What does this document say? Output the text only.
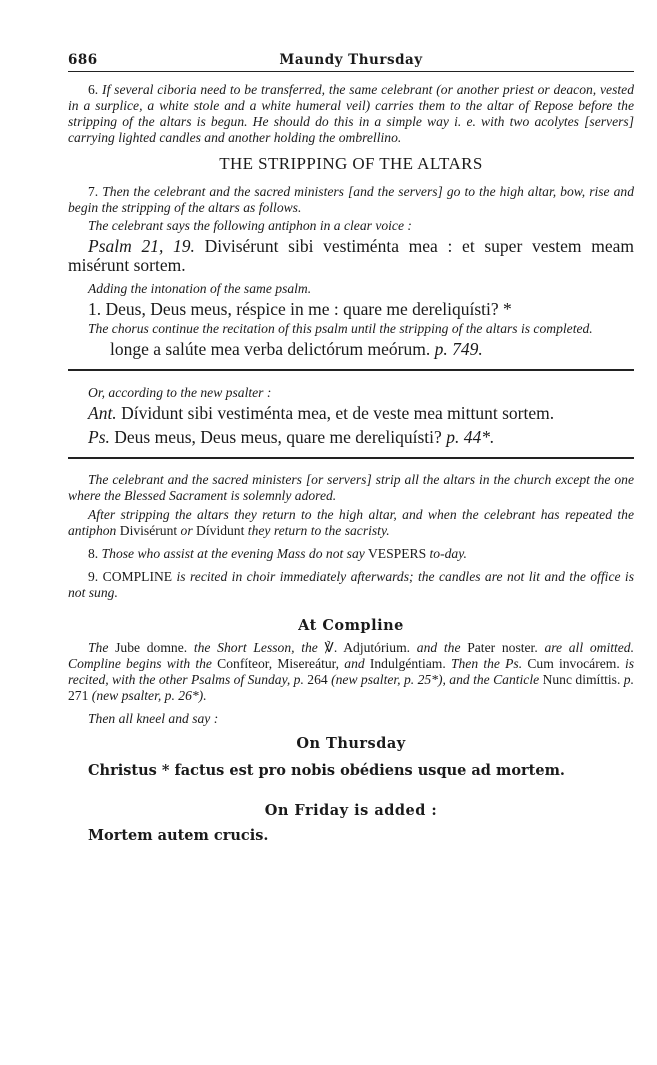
686	Maundy Thursday

6. If several ciboria need to be transferred, the same celebrant (or another priest or deacon, vested in a surplice, a white stole and a white humeral veil) carries them to the altar of Repose before the stripping of the altars is begun. He should do this in a simple way i. e. with two acolytes [servers] carrying lighted candles and another holding the ombrellino.

THE STRIPPING OF THE ALTARS

7. Then the celebrant and the sacred ministers [and the servers] go to the high altar, bow, rise and begin the stripping of the altars as follows.

The celebrant says the following antiphon in a clear voice :

Psalm 21, 19. Divisérunt sibi vestiménta mea : et super vestem meam misérunt sortem.

Adding the intonation of the same psalm.

1. Deus, Deus meus, réspice in me : quare me dereliquísti? *

The chorus continue the recitation of this psalm until the stripping of the altars is completed.

longe a salúte mea verba delictórum meórum. p. 749.

Or, according to the new psalter :

Ant. Dívidunt sibi vestiménta mea, et de veste mea mittunt sortem.

Ps. Deus meus, Deus meus, quare me dereliquísti? p. 44*.

The celebrant and the sacred ministers [or servers] strip all the altars in the church except the one where the Blessed Sacrament is solemnly adored.

After stripping the altars they return to the high altar, and when the celebrant has repeated the antiphon Divisérunt or Dívidunt they return to the sacristy.

8. Those who assist at the evening Mass do not say VESPERS to-day.

9. COMPLINE is recited in choir immediately afterwards; the candles are not lit and the office is not sung.

At Compline

The Jube domne. the Short Lesson, the ℣. Adjutórium. and the Pater noster. are all omitted. Compline begins with the Confíteor, Misereátur, and Indulgéntiam. Then the Ps. Cum invocárem. is recited, with the other Psalms of Sunday, p. 264 (new psalter, p. 25*), and the Canticle Nunc dimíttis. p. 271 (new psalter, p. 26*).

Then all kneel and say :

On Thursday

Christus * factus est pro nobis obédiens usque ad mortem.

On Friday is added :

Mortem autem crucis.
